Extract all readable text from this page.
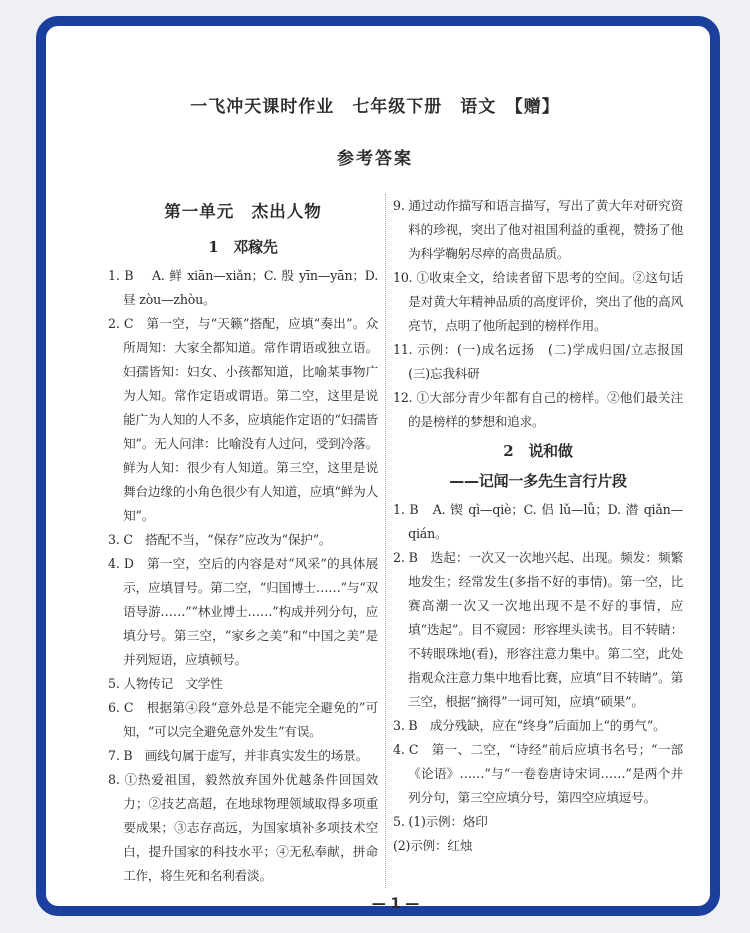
一飞冲天课时作业　七年级下册　语文　【赠】
参考答案
第一单元　杰出人物
1　邓稼先
1. B　 A. 鲜 xiān—xiǎn；C. 殷 yīn—yān；D. 昼 zòu—zhòu。
2. C　第一空，与“天籁”搭配，应填“奏出”。众所周知：大家全都知道。常作谓语或独立语。妇孺皆知：妇女、小孩都知道，比喻某事物广为人知。常作定语或谓语。第二空，这里是说能广为人知的人不多，应填能作定语的“妇孺皆知”。无人问津：比喻没有人过问，受到冷落。鲜为人知：很少有人知道。第三空，这里是说舞台边缘的小角色很少有人知道，应填“鲜为人知”。
3. C　搭配不当，“保存”应改为“保护”。
4. D　第一空，空后的内容是对“风采”的具体展示，应填冒号。第二空，“归国博士……”与“双语导游……”“林业博士……”构成并列分句，应填分号。第三空，“家乡之美”和“中国之美”是并列短语，应填顿号。
5. 人物传记　文学性
6. C　根据第④段“意外总是不能完全避免的”可知，“可以完全避免意外发生”有误。
7. B　画线句属于虚写，并非真实发生的场景。
8. ①热爱祖国，毅然放弃国外优越条件回国效力；②技艺高超，在地球物理领域取得多项重要成果；③志存高远，为国家填补多项技术空白，提升国家的科技水平；④无私奉献，拼命工作，将生死和名利看淡。
9. 通过动作描写和语言描写，写出了黄大年对研究资料的珍视，突出了他对祖国利益的重视，赞扬了他为科学鞠躬尽瘁的高贵品质。
10. ①收束全文，给读者留下思考的空间。②这句话是对黄大年精神品质的高度评价，突出了他的高风亮节，点明了他所起到的榜样作用。
11. 示例：(一)成名远扬　(二)学成归国/立志报国　(三)忘我科研
12. ①大部分青少年都有自己的榜样。②他们最关注的是榜样的梦想和追求。
2　说和做
——记闻一多先生言行片段
1. B　A. 锲 qì—qiè；C. 侣 lǔ—lǚ；D. 潜 qiǎn—qián。
2. B　迭起：一次又一次地兴起、出现。频发：频繁地发生；经常发生(多指不好的事情)。第一空，比赛高潮一次又一次地出现不是不好的事情，应填“迭起”。目不窥园：形容埋头读书。目不转睛：不转眼珠地(看)，形容注意力集中。第二空，此处指观众注意力集中地看比赛，应填“目不转睛”。第三空，根据“摘得”一词可知，应填“硕果”。
3. B　成分残缺，应在“终身”后面加上“的勇气”。
4. C　第一、二空，“诗经”前后应填书名号；“一部《论语》……”与“一卷卷唐诗宋词……”是两个并列分句，第三空应填分号，第四空应填逗号。
5. (1)示例：烙印
(2)示例：红烛
— 1 —
